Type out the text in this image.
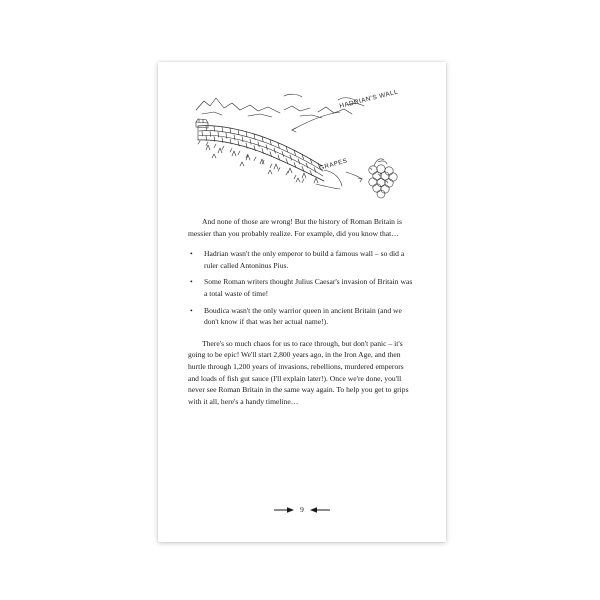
HADRIAN'S WALL
GRAPES

And none of those are wrong! But the history of Roman Britain is messier than you probably realize. For example, did you know that…

• Hadrian wasn't the only emperor to build a famous wall – so did a ruler called Antoninus Pius.
• Some Roman writers thought Julius Caesar's invasion of Britain was a total waste of time!
• Boudica wasn't the only warrior queen in ancient Britain (and we don't know if that was her actual name!).

There's so much chaos for us to race through, but don't panic – it's going to be epic! We'll start 2,800 years ago, in the Iron Age, and then hurtle through 1,200 years of invasions, rebellions, murdered emperors and loads of fish gut sauce (I'll explain later!). Once we're done, you'll never see Roman Britain in the same way again. To help you get to grips with it all, here's a handy timeline…

9
